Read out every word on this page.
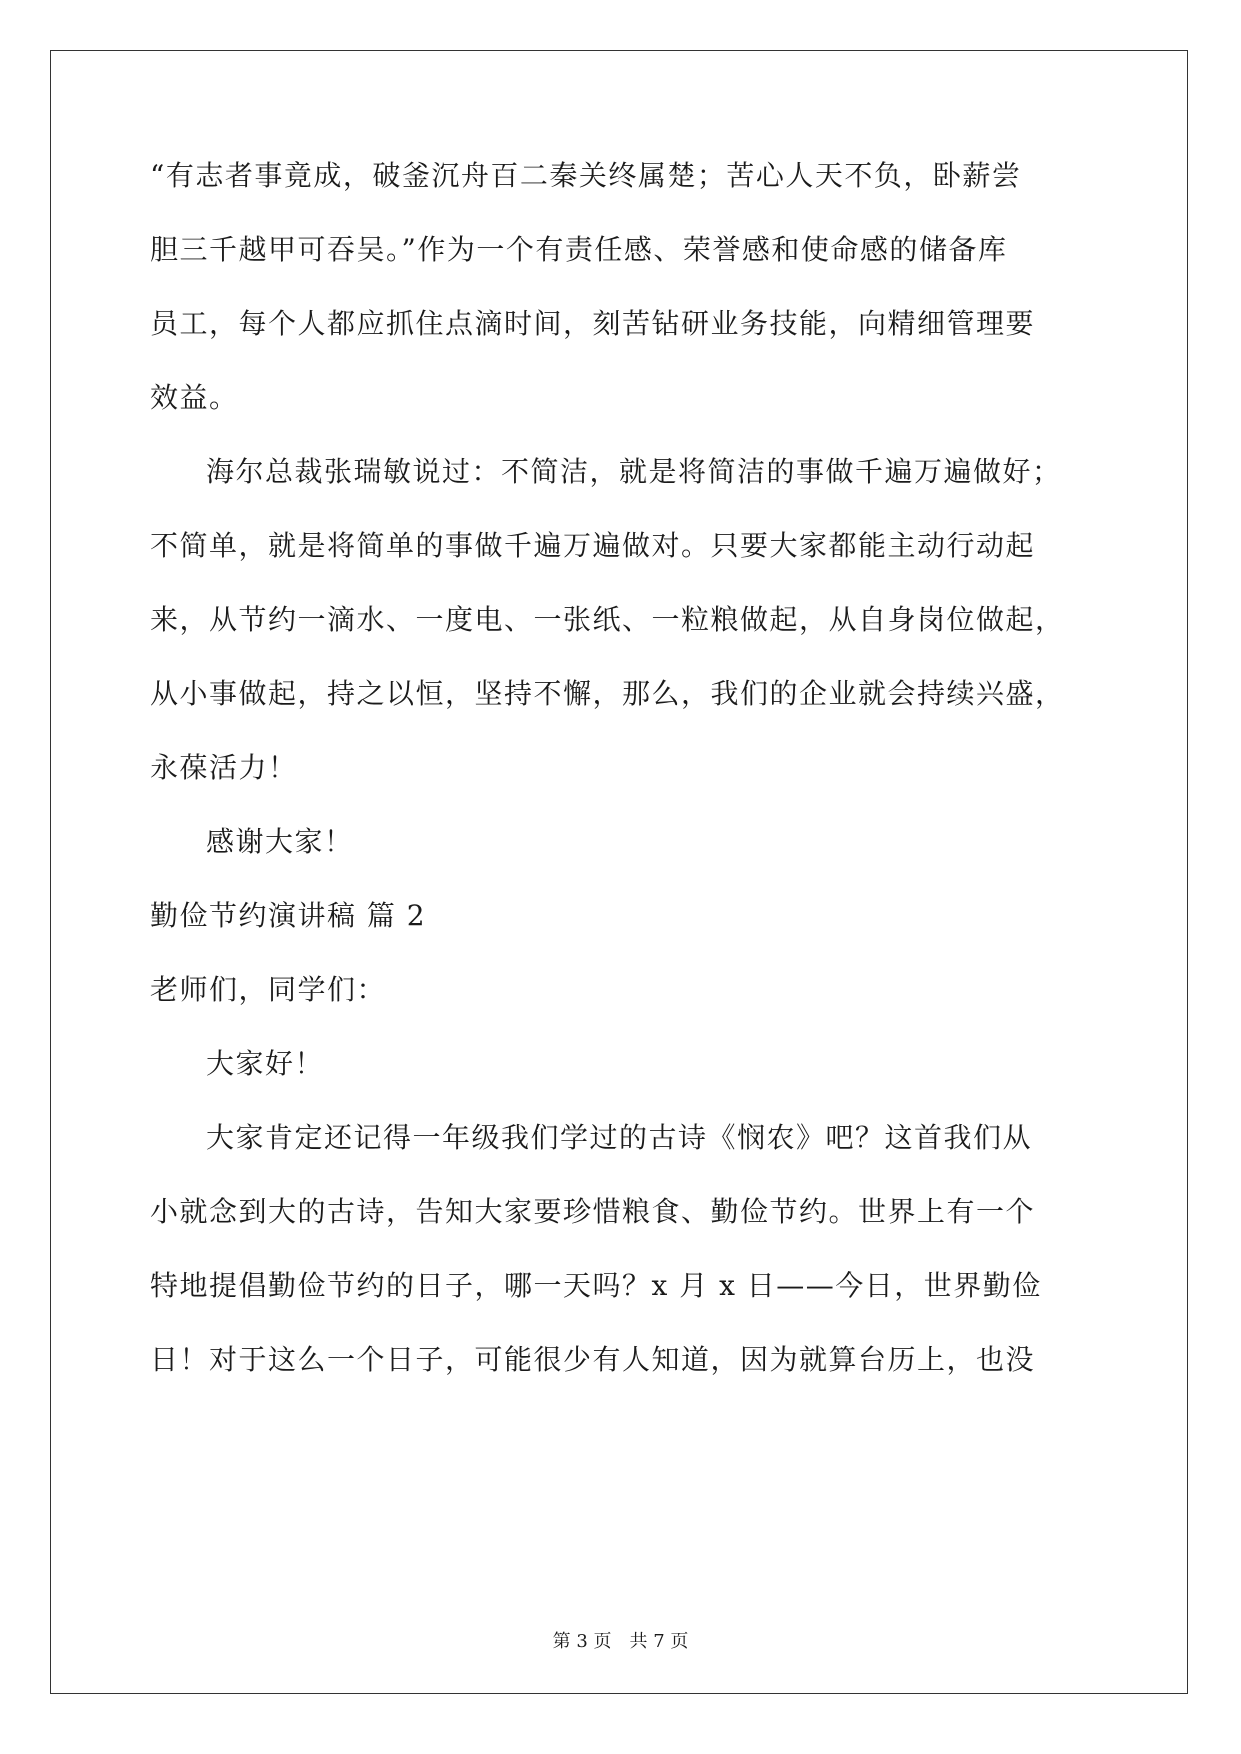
“有志者事竟成，破釜沉舟百二秦关终属楚；苦心人天不负，卧薪尝

胆三千越甲可吞吴。”作为一个有责任感、荣誉感和使命感的储备库

员工，每个人都应抓住点滴时间，刻苦钻研业务技能，向精细管理要

效益。

海尔总裁张瑞敏说过：不简洁，就是将简洁的事做千遍万遍做好；

不简单，就是将简单的事做千遍万遍做对。只要大家都能主动行动起

来，从节约一滴水、一度电、一张纸、一粒粮做起，从自身岗位做起，

从小事做起，持之以恒，坚持不懈，那么，我们的企业就会持续兴盛，

永葆活力！

感谢大家！

勤俭节约演讲稿 篇 2

老师们，同学们：

大家好！

大家肯定还记得一年级我们学过的古诗《悯农》吧？这首我们从

小就念到大的古诗，告知大家要珍惜粮食、勤俭节约。世界上有一个

特地提倡勤俭节约的日子，哪一天吗？x 月 x 日——今日，世界勤俭

日！对于这么一个日子，可能很少有人知道，因为就算台历上，也没

第 3 页　共 7 页
